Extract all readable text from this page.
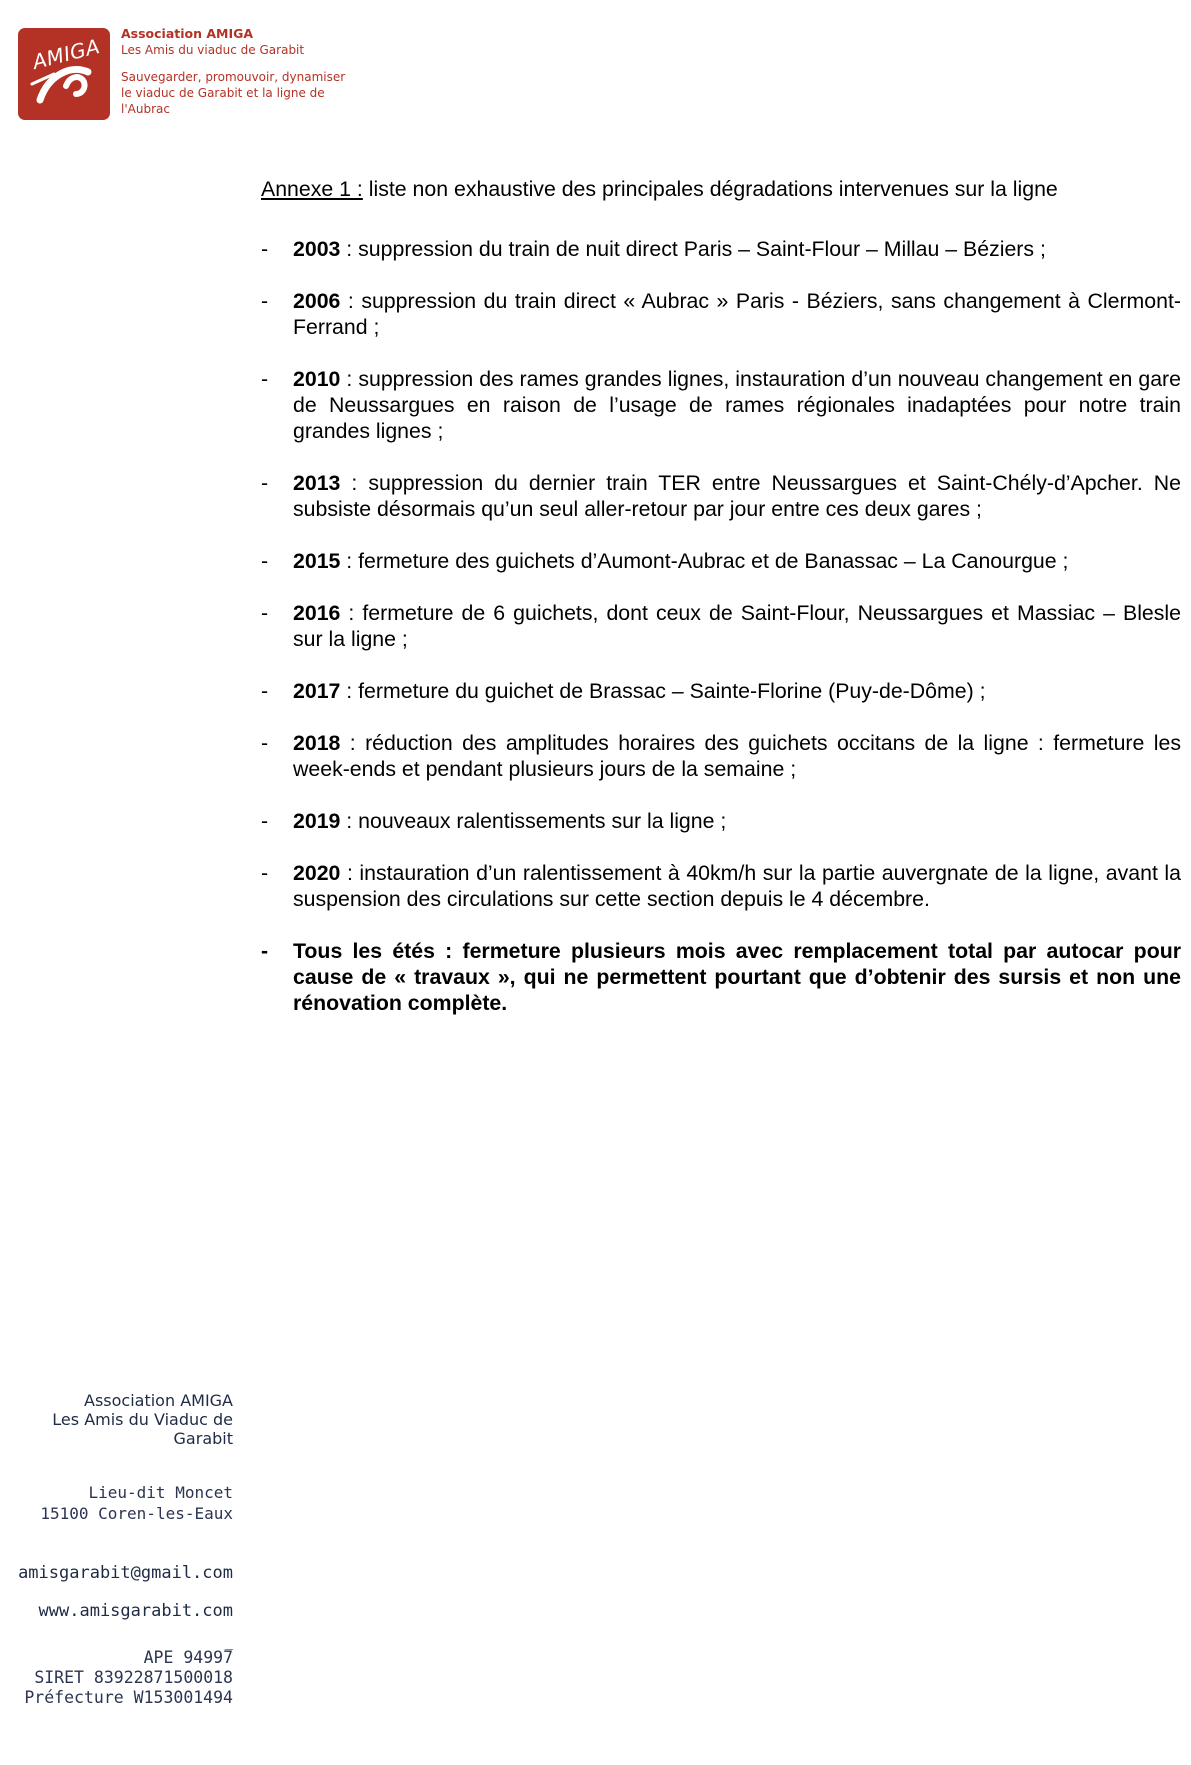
AMIGA
Association AMIGA
Les Amis du viaduc de Garabit
Sauvegarder, promouvoir, dynamiser
le viaduc de Garabit et la ligne de l'Aubrac
Annexe 1 : liste non exhaustive des principales dégradations intervenues sur la ligne
- 2003 : suppression du train de nuit direct Paris – Saint-Flour – Millau – Béziers ;
- 2006 : suppression du train direct « Aubrac » Paris - Béziers, sans changement à Clermont-Ferrand ;
- 2010 : suppression des rames grandes lignes, instauration d’un nouveau changement en gare de Neussargues en raison de l’usage de rames régionales inadaptées pour notre train grandes lignes ;
- 2013 : suppression du dernier train TER entre Neussargues et Saint-Chély-d’Apcher. Ne subsiste désormais qu’un seul aller-retour par jour entre ces deux gares ;
- 2015 : fermeture des guichets d’Aumont-Aubrac et de Banassac – La Canourgue ;
- 2016 : fermeture de 6 guichets, dont ceux de Saint-Flour, Neussargues et Massiac – Blesle sur la ligne ;
- 2017 : fermeture du guichet de Brassac – Sainte-Florine (Puy-de-Dôme) ;
- 2018 : réduction des amplitudes horaires des guichets occitans de la ligne : fermeture les week-ends et pendant plusieurs jours de la semaine ;
- 2019 : nouveaux ralentissements sur la ligne ;
- 2020 : instauration d’un ralentissement à 40km/h sur la partie auvergnate de la ligne, avant la suspension des circulations sur cette section depuis le 4 décembre.
- Tous les étés : fermeture plusieurs mois avec remplacement total par autocar pour cause de « travaux », qui ne permettent pourtant que d’obtenir des sursis et non une rénovation complète.
Association AMIGA
Les Amis du Viaduc de Garabit
Lieu-dit Moncet
15100 Coren-les-Eaux
amisgarabit@gmail.com
www.amisgarabit.com
_
APE 94997
SIRET 83922871500018
Préfecture W153001494
